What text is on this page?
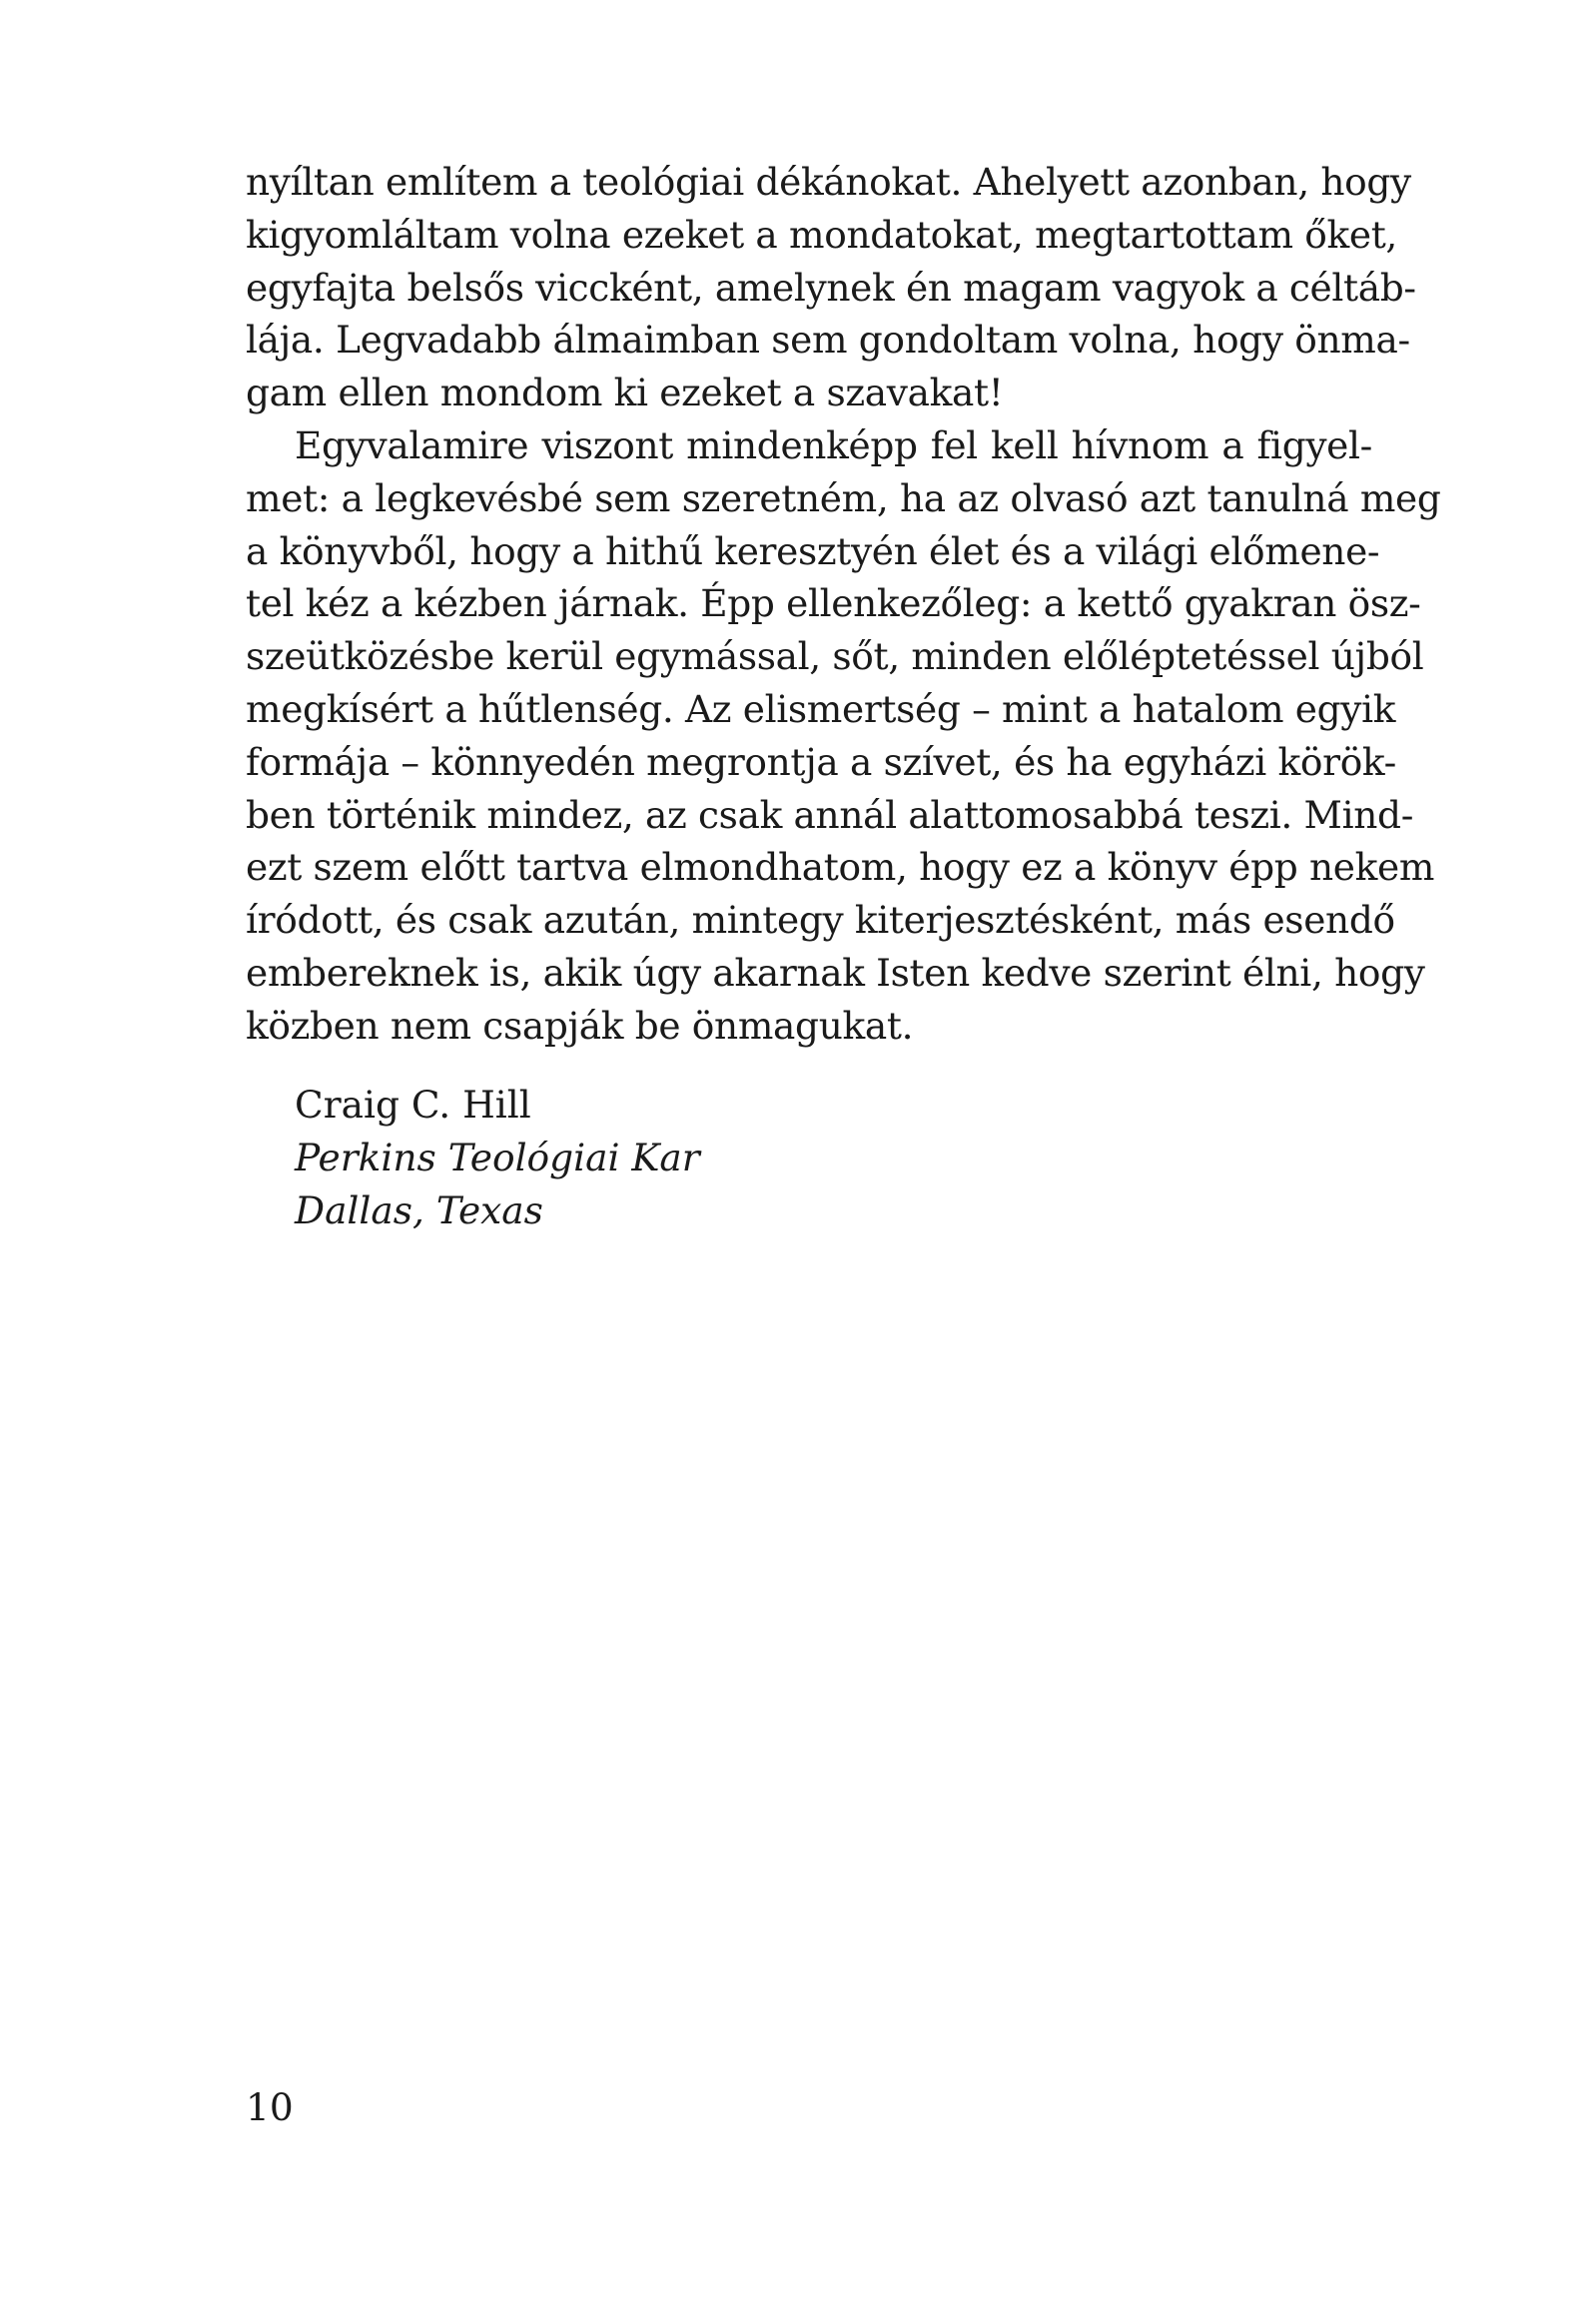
nyíltan említem a teológiai dékánokat. Ahelyett azonban, hogy
kigyomláltam volna ezeket a mondatokat, megtartottam őket,
egyfajta belsős viccként, amelynek én magam vagyok a céltáb-
lája. Legvadabb álmaimban sem gondoltam volna, hogy önma-
gam ellen mondom ki ezeket a szavakat!
Egyvalamire viszont mindenképp fel kell hívnom a figyel-
met: a legkevésbé sem szeretném, ha az olvasó azt tanulná meg
a könyvből, hogy a hithű keresztyén élet és a világi előmene-
tel kéz a kézben járnak. Épp ellenkezőleg: a kettő gyakran ösz-
szeütközésbe kerül egymással, sőt, minden előléptetéssel újból
megkísért a hűtlenség. Az elismertség – mint a hatalom egyik
formája – könnyedén megrontja a szívet, és ha egyházi körök-
ben történik mindez, az csak annál alattomosabbá teszi. Mind-
ezt szem előtt tartva elmondhatom, hogy ez a könyv épp nekem
íródott, és csak azután, mintegy kiterjesztésként, más esendő
embereknek is, akik úgy akarnak Isten kedve szerint élni, hogy
közben nem csapják be önmagukat.
Craig C. Hill
Perkins Teológiai Kar
Dallas, Texas
10
